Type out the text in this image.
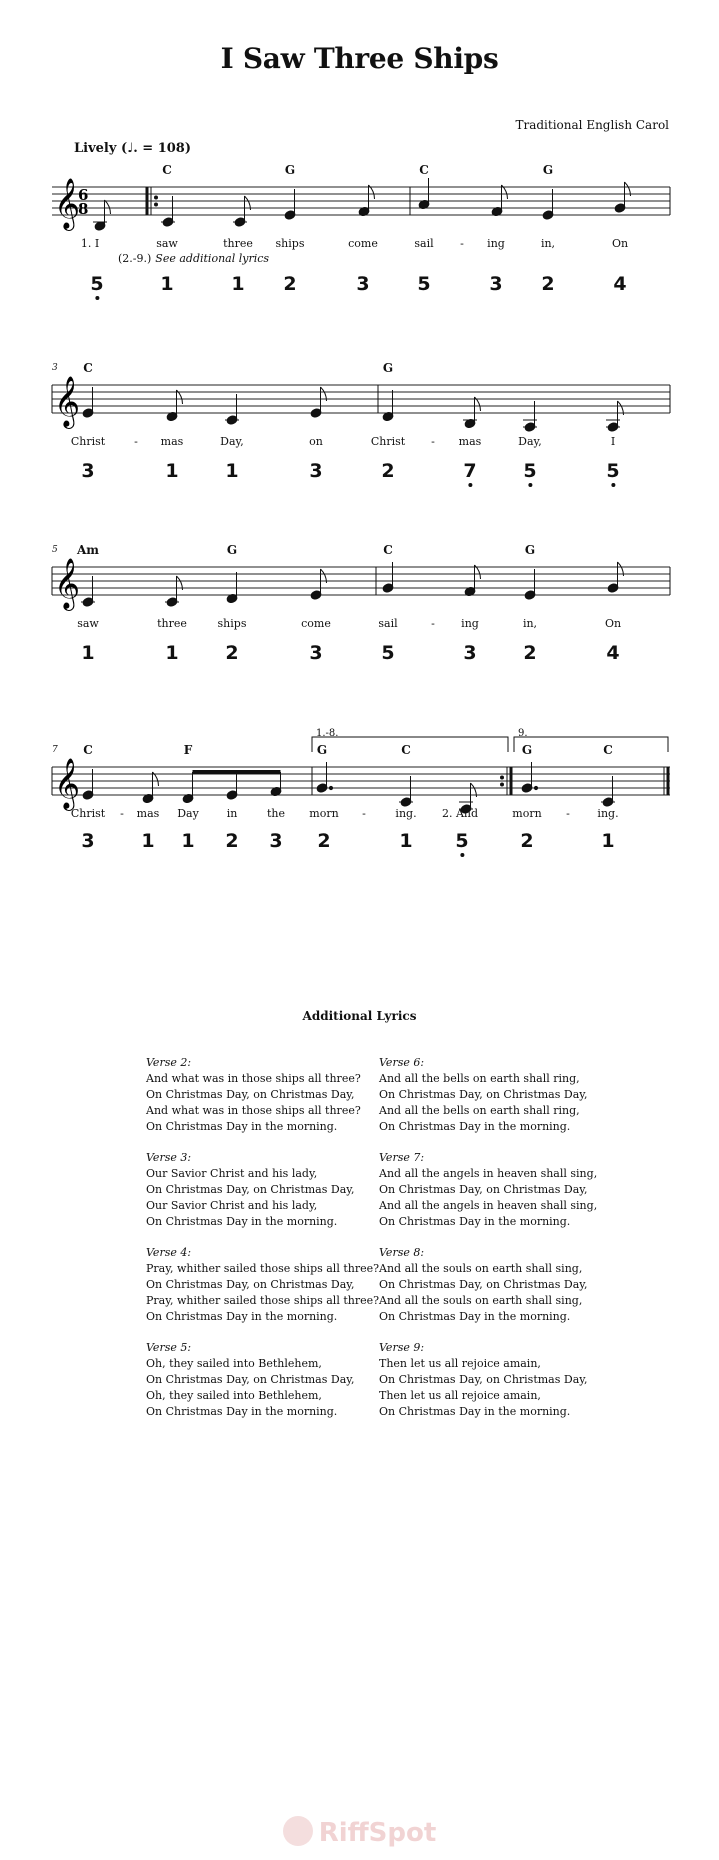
I Saw Three Ships
Traditional English Carol
Lively (♩. = 108)
𝄞
6
8
C	G	C	G
1. I	saw	three ships	come	sail - ing	in,	On
(2.-9.) See additional lyrics
5	1	1 2	3	5	3 2	4
𝄞
3 C	G
Christ	- mas	Day,	on	Christ - mas	Day,	I
3	1 1	3	2	7 5	5
𝄞
5 Am	G	C	G
saw	three	ships	come	sail	- ing	in,	On
1	1 2	3	5	3 2	4
𝄞
7
1.-8.	9.
C	F	G	C	G	C
Christ - mas Day	in	the morn -	ing. 2. And	morn -	ing.
3 1 1 2 3 2	1 5	2	1
Additional Lyrics
Verse 2:
And what was in those ships all three?
On Christmas Day, on Christmas Day,
And what was in those ships all three?
On Christmas Day in the morning.
Verse 3:
Our Savior Christ and his lady,
On Christmas Day, on Christmas Day,
Our Savior Christ and his lady,
On Christmas Day in the morning.
Verse 4:
Pray, whither sailed those ships all three?
On Christmas Day, on Christmas Day,
Pray, whither sailed those ships all three?
On Christmas Day in the morning.
Verse 5:
Oh, they sailed into Bethlehem,
On Christmas Day, on Christmas Day,
Oh, they sailed into Bethlehem,
On Christmas Day in the morning.
Verse 6:
And all the bells on earth shall ring,
On Christmas Day, on Christmas Day,
And all the bells on earth shall ring,
On Christmas Day in the morning.
Verse 7:
And all the angels in heaven shall sing,
On Christmas Day, on Christmas Day,
And all the angels in heaven shall sing,
On Christmas Day in the morning.
Verse 8:
And all the souls on earth shall sing,
On Christmas Day, on Christmas Day,
And all the souls on earth shall sing,
On Christmas Day in the morning.
Verse 9:
Then let us all rejoice amain,
On Christmas Day, on Christmas Day,
Then let us all rejoice amain,
On Christmas Day in the morning.
RiffSpot
